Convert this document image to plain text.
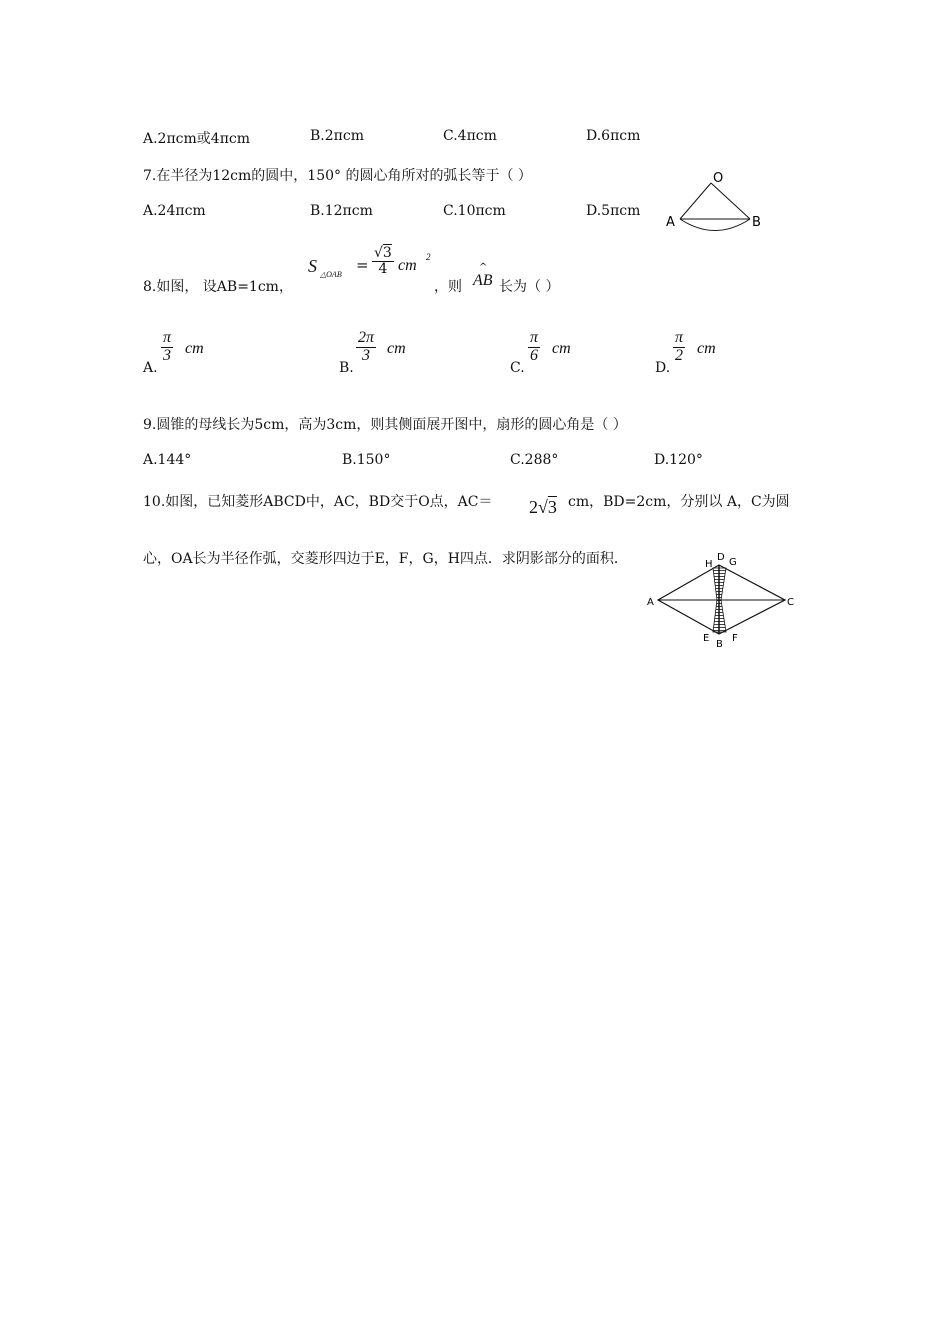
A.2πcm或4πcm	B.2πcm	C.4πcm	D.6πcm
7.在半径为12cm的圆中，150° 的圆心角所对的弧长等于（ ）
A.24πcm	B.12πcm	C.10πcm	D.5πcm
O
A	B
8.如图， 设AB=1cm，
S △OAB
= $\frac{√3}{4}$ cm 2
，则
^
AB 长为（ ）
A.
$\frac{\pi}{3}$ cm
B.
$\frac{2\pi}{3}$ cm
C.
$\frac{\pi}{6}$ cm
D.
$\frac{\pi}{2}$ cm
9.圆锥的母线长为5cm，高为3cm，则其侧面展开图中，扇形的圆心角是（ ）
A.144°	B.150°	C.288°	D.120°
10.如图，已知菱形ABCD中，AC，BD交于O点，AC＝ 2√3 cm，BD=2cm，分别以 A，C为圆
心，OA长为半径作弧，交菱形四边于E，F，G，H四点．求阴影部分的面积．	H
D G
A	C
E
B
F
